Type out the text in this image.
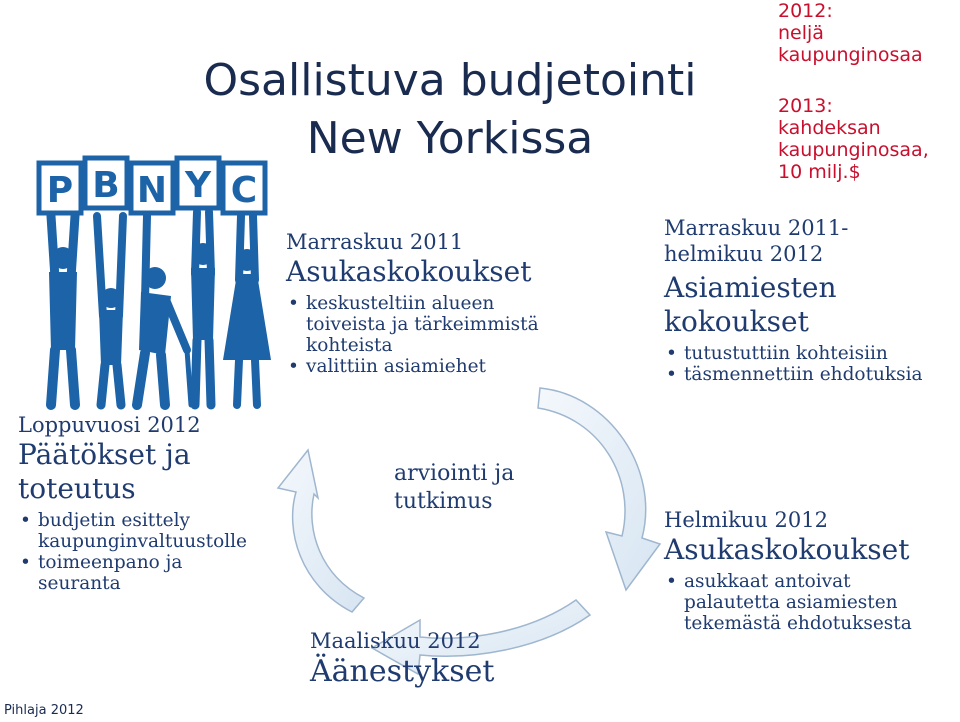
Osallistuva budjetointi
New Yorkissa
P B N Y C
2012:
neljä
kaupunginosaa
2013:
kahdeksan
kaupunginosaa,
10 milj.$
Marraskuu 2011
Asukaskokoukset
• keskusteltiin alueen toiveista ja tärkeimmistä kohteista
• valittiin asiamiehet
Marraskuu 2011-
helmikuu 2012
Asiamiesten
kokoukset
• tutustuttiin kohteisiin
• täsmennettiin ehdotuksia
arviointi ja
tutkimus
Helmikuu 2012
Asukaskokoukset
• asukkaat antoivat palautetta asiamiesten tekemästä ehdotuksesta
Maaliskuu 2012
Äänestykset
Loppuvuosi 2012
Päätökset ja
toteutus
• budjetin esittely kaupunginvaltuustolle
• toimeenpano ja seuranta
Pihlaja 2012
